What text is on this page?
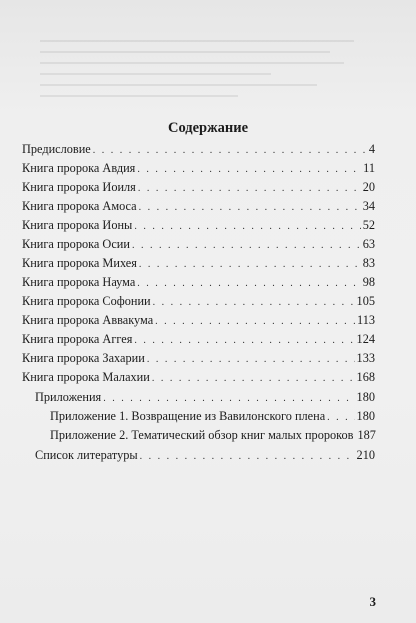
Содержание
Предисловие . . .	4
Книга пророка Авдия . . .	11
Книга пророка Иоиля . . .	20
Книга пророка Амоса . . .	34
Книга пророка Ионы . . .	52
Книга пророка Осии . . .	63
Книга пророка Михея . . .	83
Книга пророка Наума . . .	98
Книга пророка Софонии . . .	105
Книга пророка Аввакума . . .	113
Книга пророка Аггея . . .	124
Книга пророка Захарии . . .	133
Книга пророка Малахии . . .	168
Приложения . . .	180
Приложение 1. Возвращение из Вавилонского плена . . .	180
Приложение 2. Тематический обзор книг малых пророков 187
Список литературы . . .	210
3
